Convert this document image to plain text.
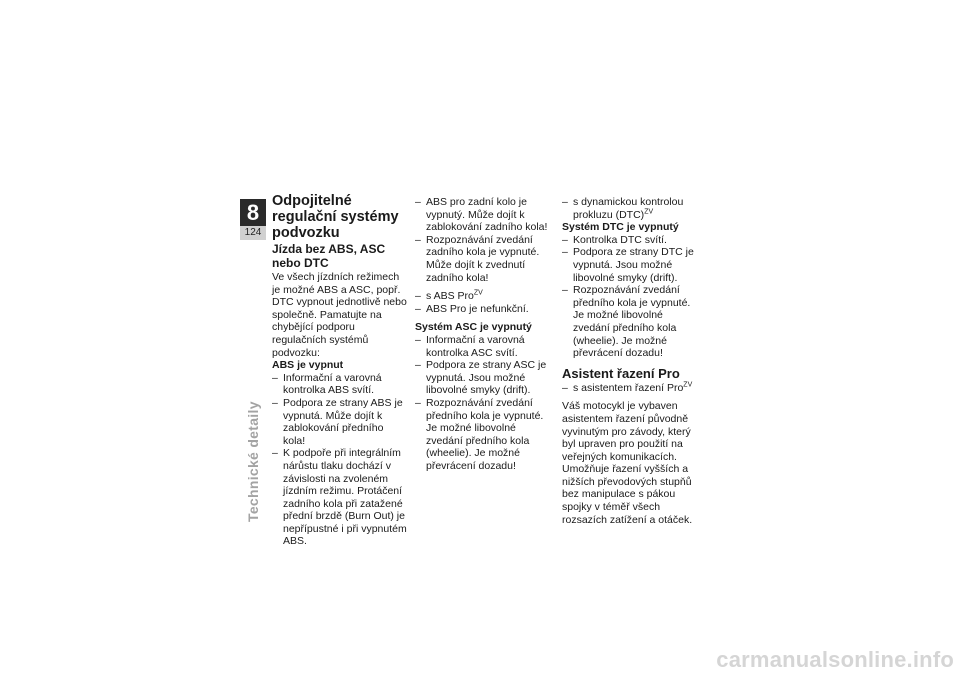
8
124
Technické detaily
Odpojitelné regulační systémy podvozku
Jízda bez ABS, ASC nebo DTC

Ve všech jízdních režimech je možné ABS a ASC, popř. DTC vypnout jednotlivě nebo společně. Pamatujte na chybějící podporu regulačních systémů podvozku:

ABS je vypnut
– Informační a varovná kontrolka ABS svítí.
– Podpora ze strany ABS je vypnutá. Může dojít k zablokování předního kola!
– K podpoře při integrálním nárůstu tlaku dochází v závislosti na zvoleném jízdním režimu. Protáčení zadního kola při zatažené přední brzdě (Burn Out) je nepřípustné i při vypnutém ABS.
– ABS pro zadní kolo je vypnutý. Může dojít k zablokování zadního kola!
– Rozpoznávání zvedání zadního kola je vypnuté. Může dojít k zvednutí zadního kola!
– s ABS Pro$^{ZV}$
– ABS Pro je nefunkční.
Systém ASC je vypnutý
– Informační a varovná kontrolka ASC svítí.
– Podpora ze strany ASC je vypnutá. Jsou možné libovolné smyky (drift).
– Rozpoznávání zvedání předního kola je vypnuté. Je možné libovolné zvedání předního kola (wheelie). Je možné převrácení dozadu!
– s dynamickou kontrolou prokluzu (DTC)$^{ZV}$
Systém DTC je vypnutý
– Kontrolka DTC svítí.
– Podpora ze strany DTC je vypnutá. Jsou možné libovolné smyky (drift).
– Rozpoznávání zvedání předního kola je vypnuté. Je možné libovolné zvedání předního kola (wheelie). Je možné převrácení dozadu!
Asistent řazení Pro
– s asistentem řazení Pro$^{ZV}$

Váš motocykl je vybaven asistentem řazení původně vyvinutým pro závody, který byl upraven pro použití na veřejných komunikacích. Umožňuje řazení vyšších a nižších převodových stupňů bez manipulace s pákou spojky v téměř všech rozsazích zatížení a otáček.

carmanualsonline.info
